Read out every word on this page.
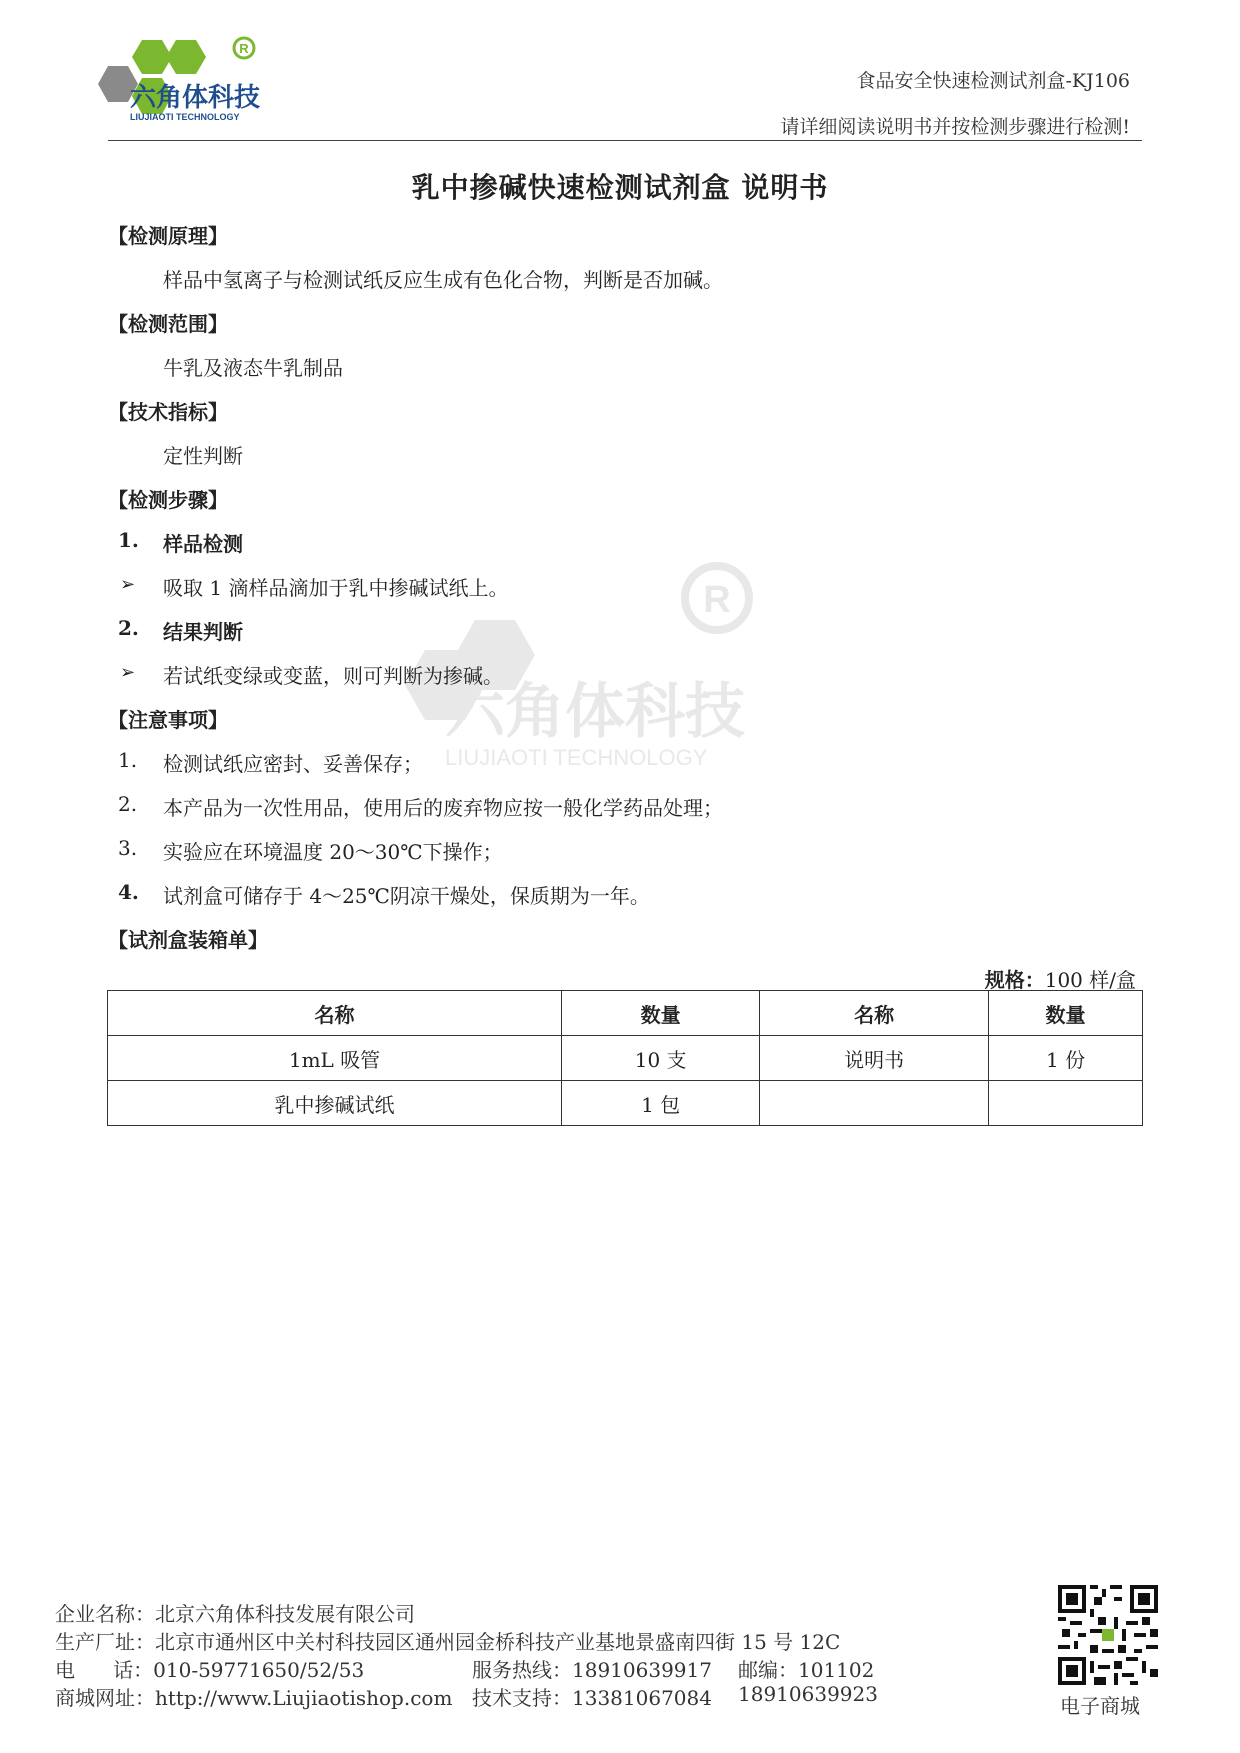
R
六角体科技
LIUJIAOTI TECHNOLOGY
食品安全快速检测试剂盒-KJ106
请详细阅读说明书并按检测步骤进行检测!
R
六角体科技
LIUJIAOTI TECHNOLOGY
乳中掺碱快速检测试剂盒 说明书
【检测原理】
样品中氢离子与检测试纸反应生成有色化合物，判断是否加碱。
【检测范围】
牛乳及液态牛乳制品
【技术指标】
定性判断
【检测步骤】
1. 样品检测
➢ 吸取 1 滴样品滴加于乳中掺碱试纸上。
2. 结果判断
➢ 若试纸变绿或变蓝，则可判断为掺碱。
【注意事项】
1. 检测试纸应密封、妥善保存；
2. 本产品为一次性用品，使用后的废弃物应按一般化学药品处理；
3. 实验应在环境温度 20～30℃下操作；
4. 试剂盒可储存于 4～25℃阴凉干燥处，保质期为一年。
【试剂盒装箱单】
规格：100 样/盒
名称	数量	名称	数量
1mL 吸管	10 支	说明书	1 份
乳中掺碱试纸	1 包		
企业名称：北京六角体科技发展有限公司
生产厂址：北京市通州区中关村科技园区通州园金桥科技产业基地景盛南四街 15 号 12C
电      话：010-59771650/52/53	服务热线：18910639917 邮编：101102
商城网址：http://www.Liujiaotishop.com 技术支持：13381067084 18910639923	电子商城
